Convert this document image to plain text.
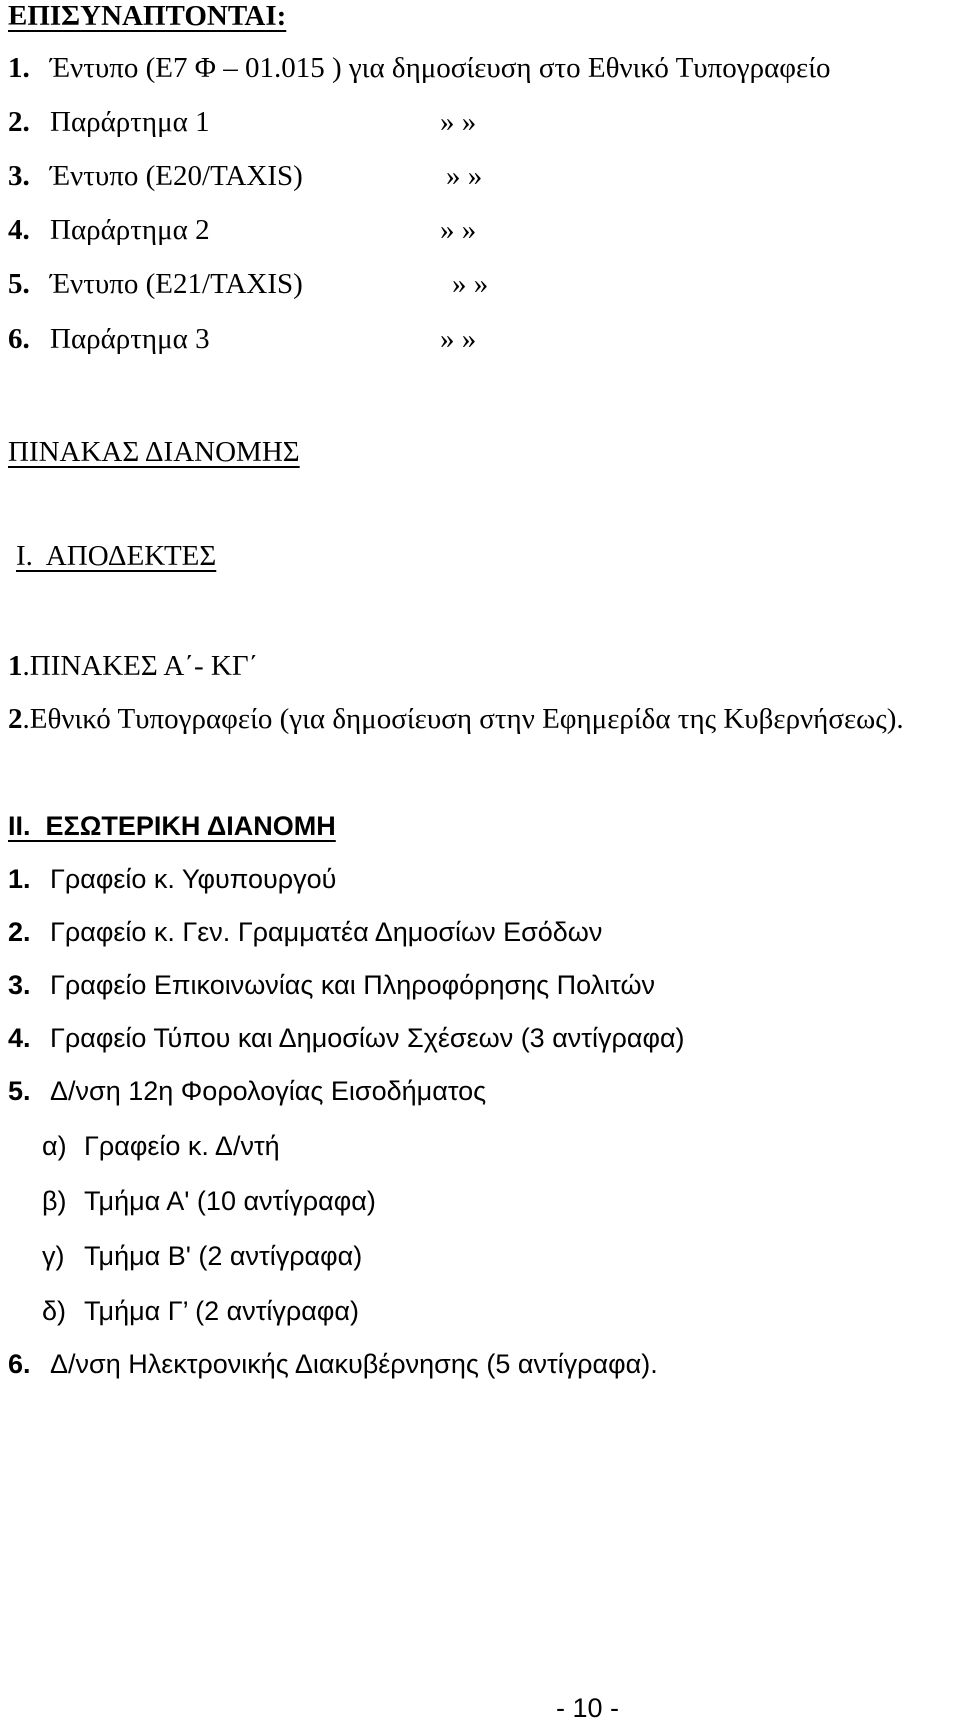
ΕΠΙΣΥΝΑΠΤΟΝΤΑΙ:
1. Έντυπο (Ε7 Φ – 01.015 ) για δημοσίευση στο Εθνικό Τυπογραφείο
2. Παράρτημα 1	» »
3. Έντυπο (Ε20/TAXIS)	» »
4. Παράρτημα 2	» »
5. Έντυπο (Ε21/TAXIS)	» »
6. Παράρτημα 3	» »
ΠΙΝΑΚΑΣ ΔΙΑΝΟΜΗΣ
Ι.  ΑΠΟΔΕΚΤΕΣ
1.ΠΙΝΑΚΕΣ Α΄- ΚΓ΄
2.Εθνικό Τυπογραφείο (για δημοσίευση στην Εφημερίδα της Κυβερνήσεως).
ΙΙ.  ΕΣΩΤΕΡΙΚΗ ΔΙΑΝΟΜΗ
1. Γραφείο κ. Υφυπουργού
2. Γραφείο κ. Γεν. Γραμματέα Δημοσίων Εσόδων
3. Γραφείο Επικοινωνίας και Πληροφόρησης Πολιτών
4. Γραφείο Τύπου και Δημοσίων Σχέσεων (3 αντίγραφα)
5. Δ/νση 12η Φορολογίας Εισοδήματος
α) Γραφείο κ. Δ/ντή
β) Τμήμα Α' (10 αντίγραφα)
γ) Τμήμα Β' (2 αντίγραφα)
δ) Τμήμα Γ’ (2 αντίγραφα)
6. Δ/νση Ηλεκτρονικής Διακυβέρνησης (5 αντίγραφα).
- 10 -
